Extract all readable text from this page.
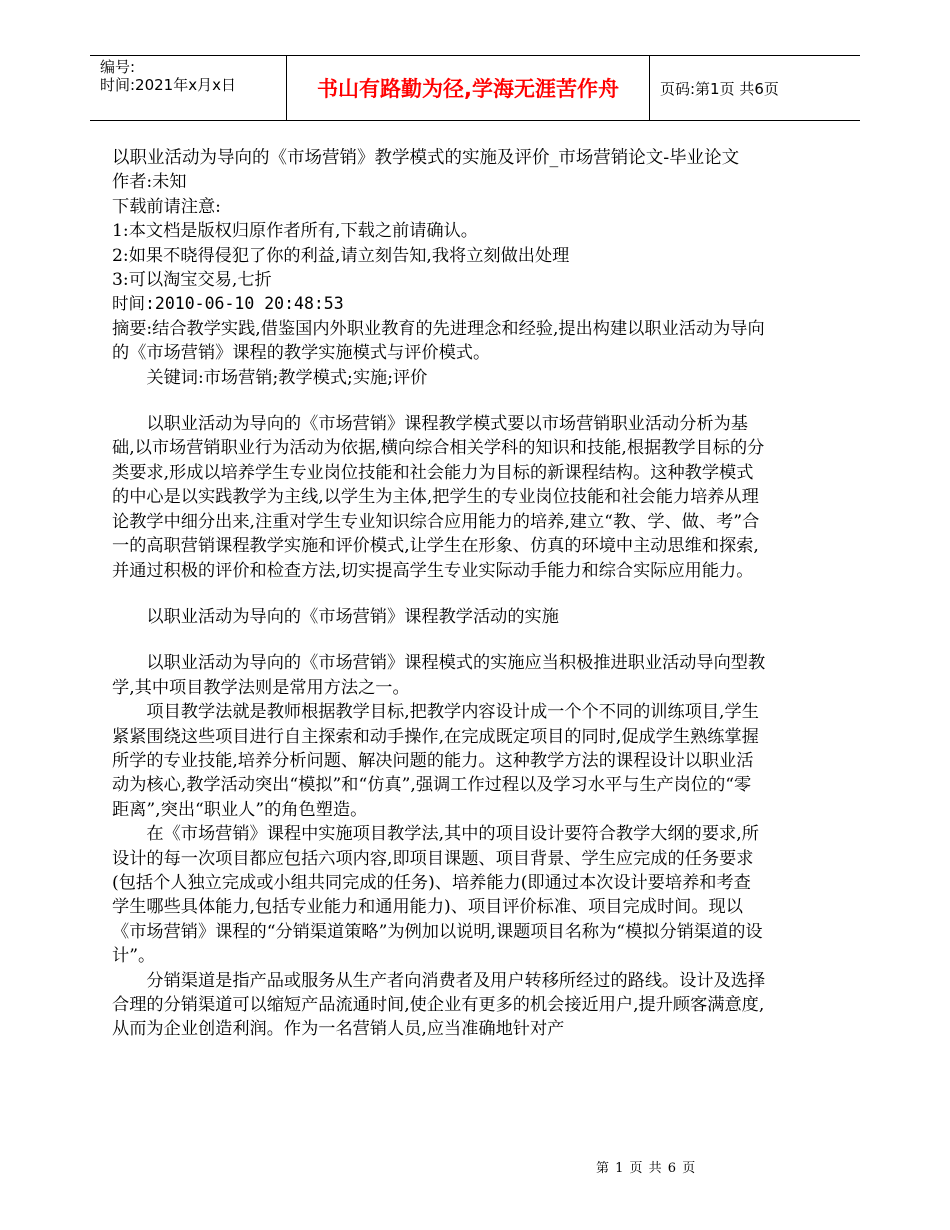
编号:
时间:2021年x月x日	书山有路勤为径,学海无涯苦作舟	页码:第1页 共6页

以职业活动为导向的《市场营销》教学模式的实施及评价_市场营销论文-毕业论文

作者:未知

下载前请注意:

1:本文档是版权归原作者所有,下载之前请确认。

2:如果不晓得侵犯了你的利益,请立刻告知,我将立刻做出处理

3:可以淘宝交易,七折

时间:2010-06-10 20:48:53

摘要:结合教学实践,借鉴国内外职业教育的先进理念和经验,提出构建以职业活动为导向的《市场营销》课程的教学实施模式与评价模式。

关键词:市场营销;教学模式;实施;评价

以职业活动为导向的《市场营销》课程教学模式要以市场营销职业活动分析为基础,以市场营销职业行为活动为依据,横向综合相关学科的知识和技能,根据教学目标的分类要求,形成以培养学生专业岗位技能和社会能力为目标的新课程结构。这种教学模式的中心是以实践教学为主线,以学生为主体,把学生的专业岗位技能和社会能力培养从理论教学中细分出来,注重对学生专业知识综合应用能力的培养,建立“教、学、做、考”合一的高职营销课程教学实施和评价模式,让学生在形象、仿真的环境中主动思维和探索,并通过积极的评价和检查方法,切实提高学生专业实际动手能力和综合实际应用能力。

以职业活动为导向的《市场营销》课程教学活动的实施

以职业活动为导向的《市场营销》课程模式的实施应当积极推进职业活动导向型教学,其中项目教学法则是常用方法之一。

项目教学法就是教师根据教学目标,把教学内容设计成一个个不同的训练项目,学生紧紧围绕这些项目进行自主探索和动手操作,在完成既定项目的同时,促成学生熟练掌握所学的专业技能,培养分析问题、解决问题的能力。这种教学方法的课程设计以职业活动为核心,教学活动突出“模拟”和“仿真”,强调工作过程以及学习水平与生产岗位的“零距离”,突出“职业人”的角色塑造。

在《市场营销》课程中实施项目教学法,其中的项目设计要符合教学大纲的要求,所设计的每一次项目都应包括六项内容,即项目课题、项目背景、学生应完成的任务要求(包括个人独立完成或小组共同完成的任务)、培养能力(即通过本次设计要培养和考查学生哪些具体能力,包括专业能力和通用能力)、项目评价标准、项目完成时间。现以《市场营销》课程的“分销渠道策略”为例加以说明,课题项目名称为“模拟分销渠道的设计”。

分销渠道是指产品或服务从生产者向消费者及用户转移所经过的路线。设计及选择合理的分销渠道可以缩短产品流通时间,使企业有更多的机会接近用户,提升顾客满意度,从而为企业创造利润。作为一名营销人员,应当准确地针对产

第 1 页 共 6 页
